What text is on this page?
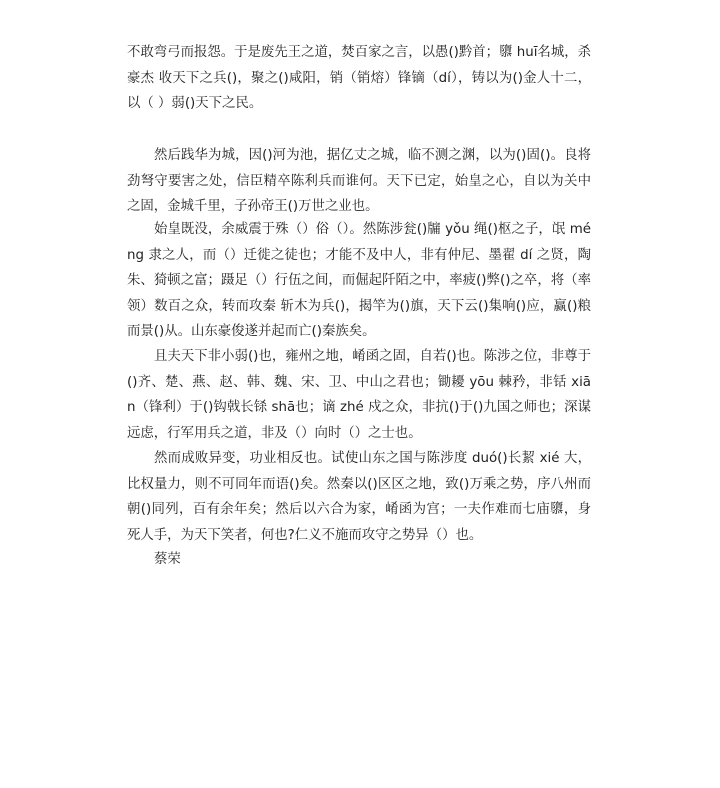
不敢弯弓而报怨。于是废先王之道，焚百家之言，以愚()黔首；隳 huī名城，杀豪杰 收天下之兵()，聚之()咸阳，销（销熔）锋镝（dí），铸以为()金人十二，以（ ）弱()天下之民。

然后践华为城，因()河为池，据亿丈之城，临不测之渊，以为()固()。良将劲弩守要害之处，信臣精卒陈利兵而谁何。天下已定，始皇之心，自以为关中之固，金城千里，子孙帝王()万世之业也。

始皇既没，余威震于殊（）俗（）。然陈涉瓮()牖 yǒu 绳()枢之子，氓 méng 隶之人，而（）迁徙之徒也；才能不及中人，非有仲尼、墨翟 dí 之贤，陶朱、猗顿之富；蹑足（）行伍之间，而倔起阡陌之中，率疲()弊()之卒，将（率领）数百之众，转而攻秦 斩木为兵()，揭竿为()旗，天下云()集响()应，赢()粮而景()从。山东豪俊遂并起而亡()秦族矣。

且夫天下非小弱()也，雍州之地，崤函之固，自若()也。陈涉之位，非尊于()齐、楚、燕、赵、韩、魏、宋、卫、中山之君也；锄耰 yōu 棘矜，非铦 xiān（锋利）于()钩戟长铩 shā也；谪 zhé 戍之众，非抗()于()九国之师也；深谋远虑，行军用兵之道，非及（）向时（）之士也。

然而成败异变，功业相反也。试使山东之国与陈涉度 duó()长絜 xié 大，比权量力，则不可同年而语()矣。然秦以()区区之地，致()万乘之势，序八州而朝()同列，百有余年矣；然后以六合为家，崤函为宫；一夫作难而七庙隳，身死人手，为天下笑者，何也?仁义不施而攻守之势异（）也。

蔡荣
